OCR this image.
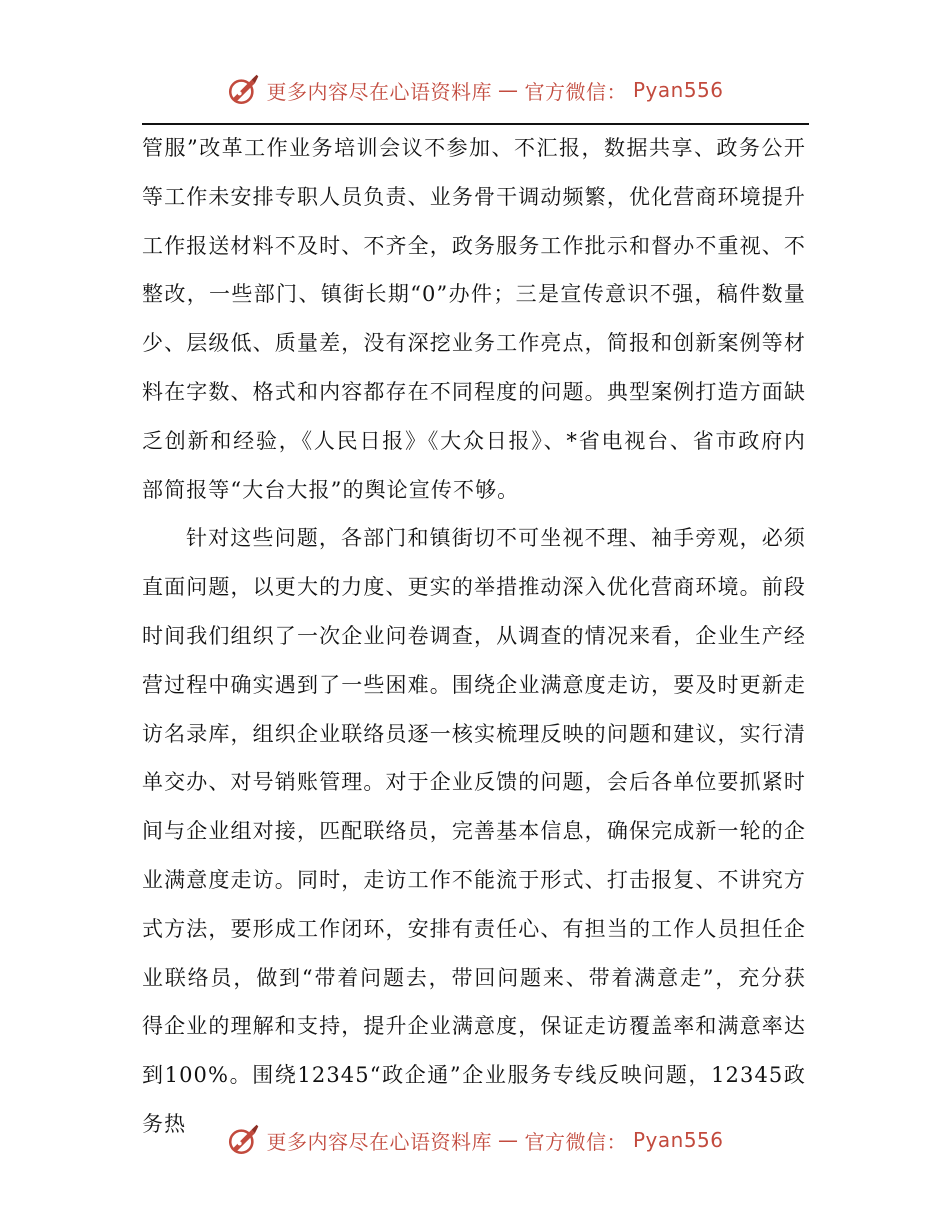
更多内容尽在心语资料库 — 官方微信： Pyan556

管服”改革工作业务培训会议不参加、不汇报，数据共享、政务公开等工作未安排专职人员负责、业务骨干调动频繁，优化营商环境提升工作报送材料不及时、不齐全，政务服务工作批示和督办不重视、不整改，一些部门、镇街长期“0”办件；三是宣传意识不强，稿件数量少、层级低、质量差，没有深挖业务工作亮点，简报和创新案例等材料在字数、格式和内容都存在不同程度的问题。典型案例打造方面缺乏创新和经验，《人民日报》《大众日报》、*省电视台、省市政府内部简报等“大台大报”的舆论宣传不够。

针对这些问题，各部门和镇街切不可坐视不理、袖手旁观，必须直面问题，以更大的力度、更实的举措推动深入优化营商环境。前段时间我们组织了一次企业问卷调查，从调查的情况来看，企业生产经营过程中确实遇到了一些困难。围绕企业满意度走访，要及时更新走访名录库，组织企业联络员逐一核实梳理反映的问题和建议，实行清单交办、对号销账管理。对于企业反馈的问题，会后各单位要抓紧时间与企业组对接，匹配联络员，完善基本信息，确保完成新一轮的企业满意度走访。同时，走访工作不能流于形式、打击报复、不讲究方式方法，要形成工作闭环，安排有责任心、有担当的工作人员担任企业联络员，做到“带着问题去，带回问题来、带着满意走”，充分获得企业的理解和支持，提升企业满意度，保证走访覆盖率和满意率达到100%。围绕12345“政企通”企业服务专线反映问题，12345政务热

更多内容尽在心语资料库 — 官方微信： Pyan556
